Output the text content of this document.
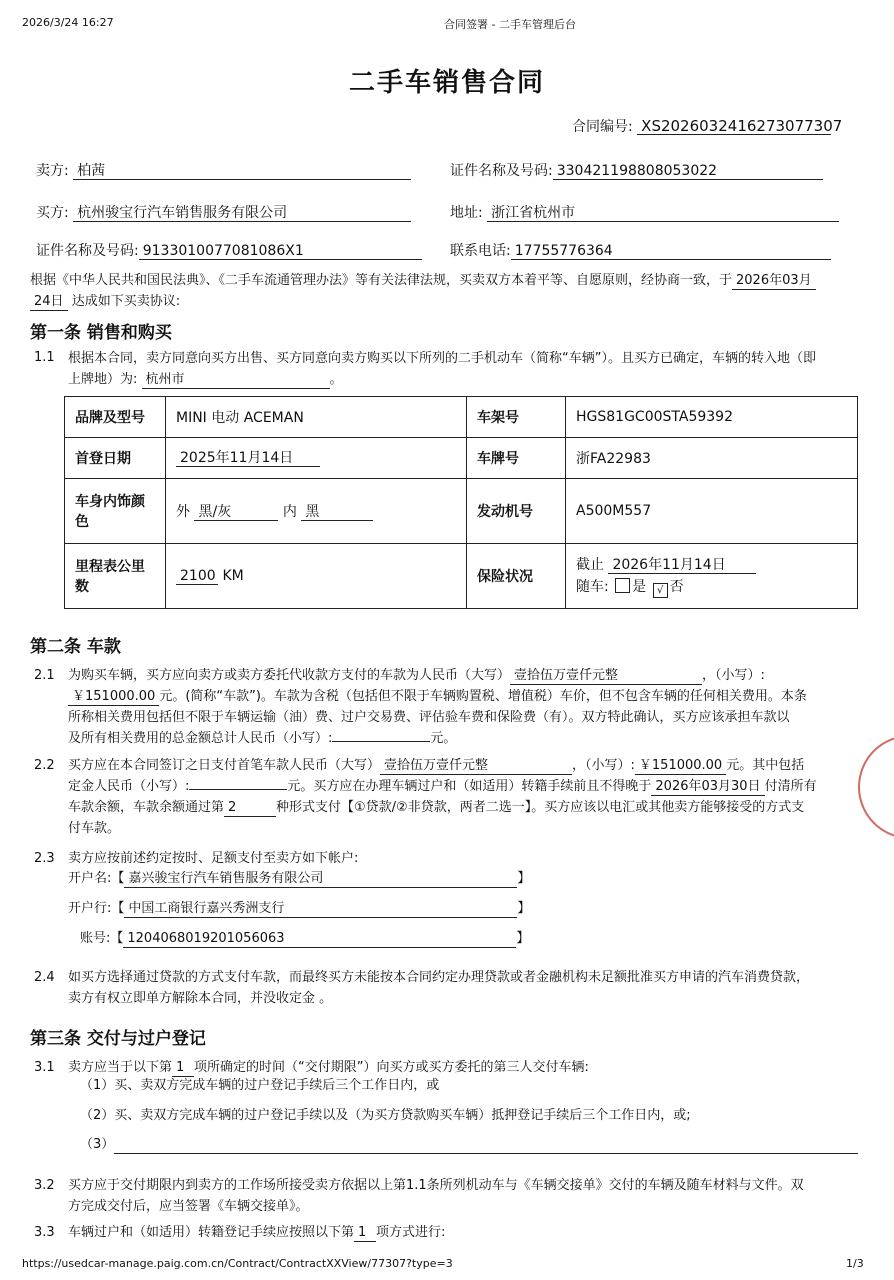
2026/3/24 16:27	合同签署 - 二手车管理后台
二手车销售合同
合同编号: XS2026032416273077307
卖方: 柏茜	证件名称及号码: 330421198808053022
买方: 杭州骏宝行汽车销售服务有限公司	地址: 浙江省杭州市
证件名称及号码: 9133010077081086X1	联系电话: 17755776364
根据《中华人民共和国民法典》、《二手车流通管理办法》等有关法律法规，买卖双方本着平等、自愿原则，经协商一致，于 2026年03月
24日 达成如下买卖协议:
第一条 销售和购买
1.1 根据本合同，卖方同意向买方出售、买方同意向卖方购买以下所列的二手机动车（简称“车辆”）。且买方已确定，车辆的转入地（即
上牌地）为: 杭州市	。
品牌及型号	MINI 电动 ACEMAN	车架号	HGS81GC00STA59392
首登日期	2025年11月14日	车牌号	浙FA22983
车身内饰颜色	外 黑/灰 内 黑	发动机号	A500M557
里程表公里数	2100 KM	保险状况	截止 2026年11月14日
随车: 是 √ 否
第二条 车款
2.1 为购买车辆，买方应向卖方或卖方委托代收款方支付的车款为人民币（大写） 壹拾伍万壹仟元整	，（小写）:
￥151000.00 元。(简称“车款”)。车款为含税（包括但不限于车辆购置税、增值税）车价，但不包含车辆的任何相关费用。本条
所称相关费用包括但不限于车辆运输（油）费、过户交易费、评估验车费和保险费（有）。双方特此确认，买方应该承担车款以
及所有相关费用的总金额总计人民币（小写）:	元。
2.2 买方应在本合同签订之日支付首笔车款人民币（大写） 壹拾伍万壹仟元整	，（小写）: ￥151000.00 元。其中包括
定金人民币（小写）:	元。买方应在办理车辆过户和（如适用）转籍手续前且不得晚于 2026年03月30日 付清所有
车款余额，车款余额通过第 2	种形式支付【①贷款/②非贷款，两者二选一】。买方应该以电汇或其他卖方能够接受的方式支
付车款。
2.3 卖方应按前述约定按时、足额支付至卖方如下帐户:
开户名:【 嘉兴骏宝行汽车销售服务有限公司	】
开户行:【 中国工商银行嘉兴秀洲支行	】
账号:【 1204068019201056063	】
2.4 如买方选择通过贷款的方式支付车款，而最终买方未能按本合同约定办理贷款或者金融机构未足额批准买方申请的汽车消费贷款，
卖方有权立即单方解除本合同，并没收定金 。
第三条 交付与过户登记
3.1 卖方应当于以下第 1 项所确定的时间（“交付期限”）向买方或买方委托的第三人交付车辆:
（1）买、卖双方完成车辆的过户登记手续后三个工作日内，或
（2）买、卖双方完成车辆的过户登记手续以及（为买方贷款购买车辆）抵押登记手续后三个工作日内，或;
（3）
3.2 买方应于交付期限内到卖方的工作场所接受卖方依据以上第1.1条所列机动车与《车辆交接单》交付的车辆及随车材料与文件。双
方完成交付后，应当签署《车辆交接单》。
3.3 车辆过户和（如适用）转籍登记手续应按照以下第 1 项方式进行:
https://usedcar-manage.paig.com.cn/Contract/ContractXXView/77307?type=3	1/3
